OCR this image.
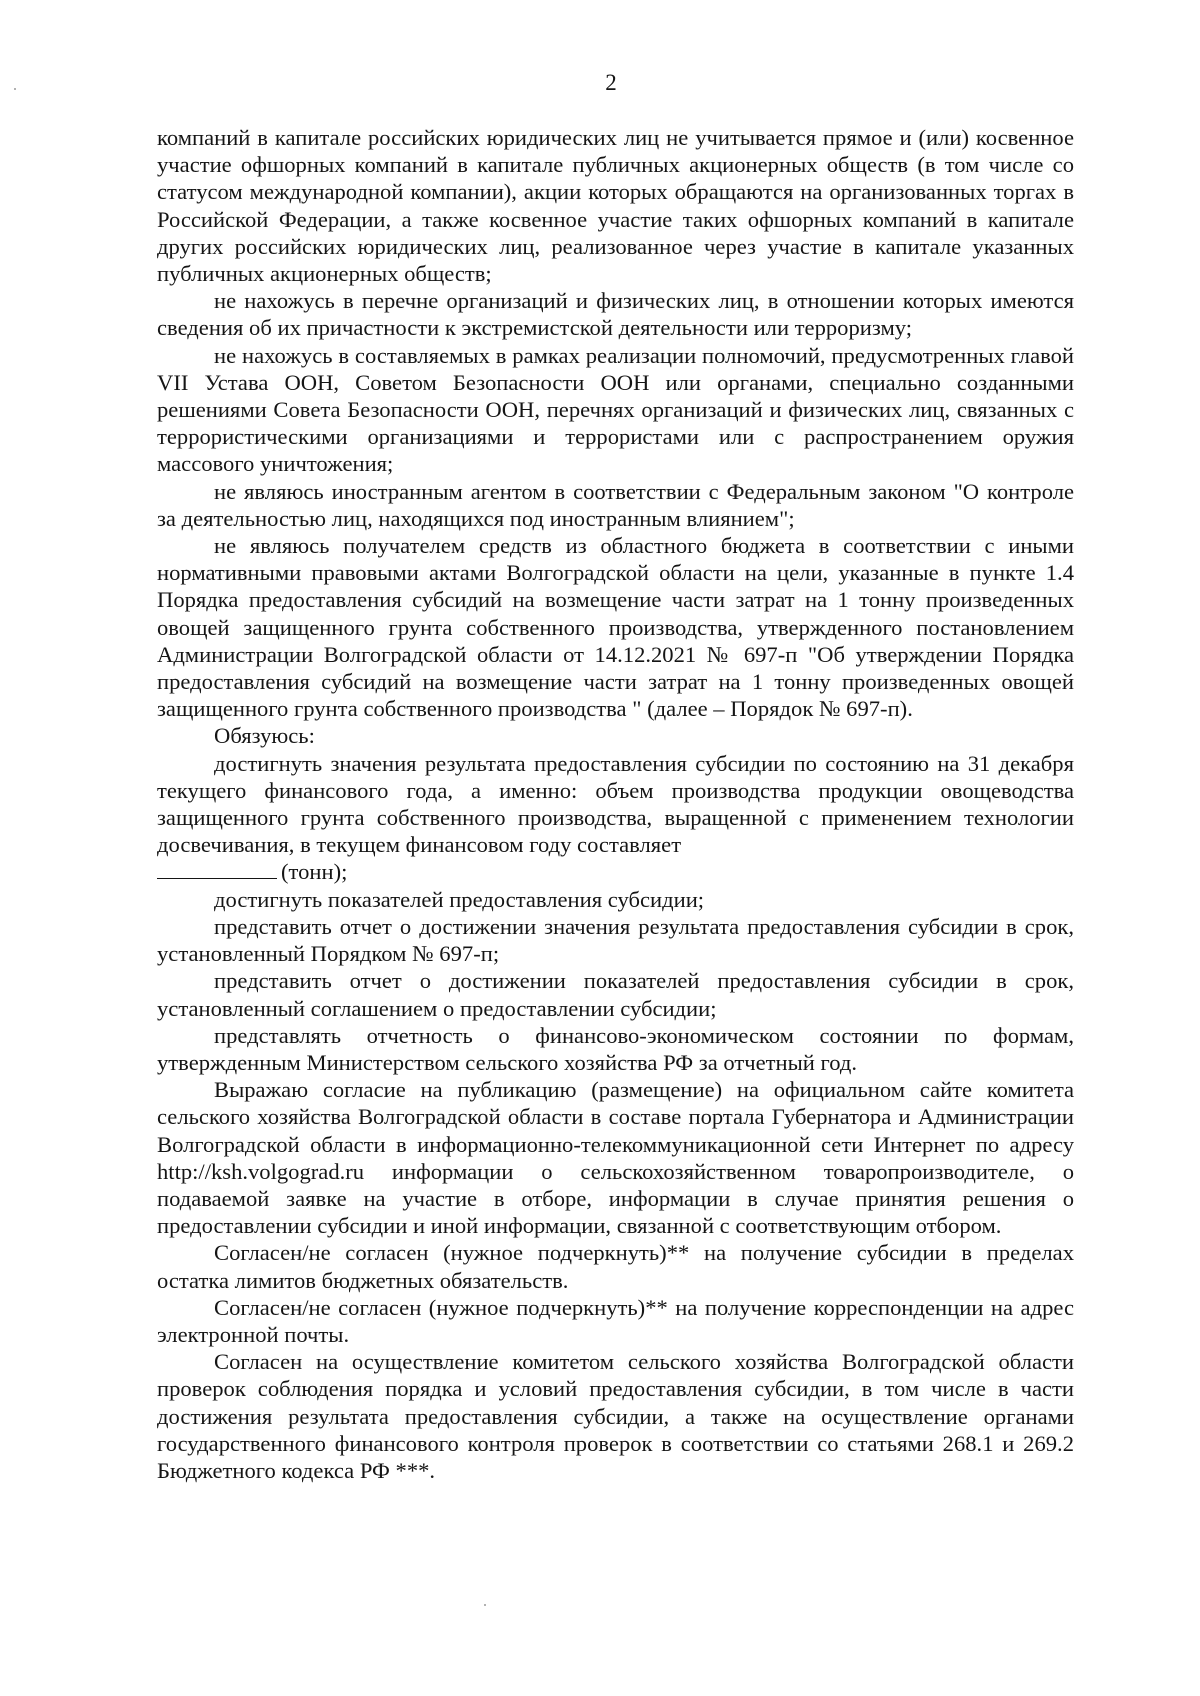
2

компаний в капитале российских юридических лиц не учитывается прямое и (или) косвенное участие офшорных компаний в капитале публичных акционерных обществ (в том числе со статусом международной компании), акции которых обращаются на организованных торгах в Российской Федерации, а также косвенное участие таких офшорных компаний в капитале других российских юридических лиц, реализованное через участие в капитале указанных публичных акционерных обществ;

не нахожусь в перечне организаций и физических лиц, в отношении которых имеются сведения об их причастности к экстремистской деятельности или терроризму;

не нахожусь в составляемых в рамках реализации полномочий, предусмотренных главой VII Устава ООН, Советом Безопасности ООН или органами, специально созданными решениями Совета Безопасности ООН, перечнях организаций и физических лиц, связанных с террористическими организациями и террористами или с распространением оружия массового уничтожения;

не являюсь иностранным агентом в соответствии с Федеральным законом "О контроле за деятельностью лиц, находящихся под иностранным влиянием";

не являюсь получателем средств из областного бюджета в соответствии с иными нормативными правовыми актами Волгоградской области на цели, указанные в пункте 1.4 Порядка предоставления субсидий на возмещение части затрат на 1 тонну произведенных овощей защищенного грунта собственного производства, утвержденного постановлением Администрации Волгоградской области от 14.12.2021 № 697-п "Об утверждении Порядка предоставления субсидий на возмещение части затрат на 1 тонну произведенных овощей защищенного грунта собственного производства " (далее – Порядок № 697-п).

Обязуюсь:

достигнуть значения результата предоставления субсидии по состоянию на 31 декабря текущего финансового года, а именно: объем производства продукции овощеводства защищенного грунта собственного производства, выращенной с применением технологии досвечивания, в текущем финансовом году составляет

(тонн);

достигнуть показателей предоставления субсидии;

представить отчет о достижении значения результата предоставления субсидии в срок, установленный Порядком № 697-п;

представить отчет о достижении показателей предоставления субсидии в срок, установленный соглашением о предоставлении субсидии;

представлять отчетность о финансово-экономическом состоянии по формам, утвержденным Министерством сельского хозяйства РФ за отчетный год.

Выражаю согласие на публикацию (размещение) на официальном сайте комитета сельского хозяйства Волгоградской области в составе портала Губернатора и Администрации Волгоградской области в информационно-телекоммуникационной сети Интернет по адресу http://ksh.volgograd.ru информации о сельскохозяйственном товаропроизводителе, о подаваемой заявке на участие в отборе, информации в случае принятия решения о предоставлении субсидии и иной информации, связанной с соответствующим отбором.

Согласен/не согласен (нужное подчеркнуть)** на получение субсидии в пределах остатка лимитов бюджетных обязательств.

Согласен/не согласен (нужное подчеркнуть)** на получение корреспонденции на адрес электронной почты.

Согласен на осуществление комитетом сельского хозяйства Волгоградской области проверок соблюдения порядка и условий предоставления субсидии, в том числе в части достижения результата предоставления субсидии, а также на осуществление органами государственного финансового контроля проверок в соответствии со статьями 268.1 и 269.2 Бюджетного кодекса РФ ***.
